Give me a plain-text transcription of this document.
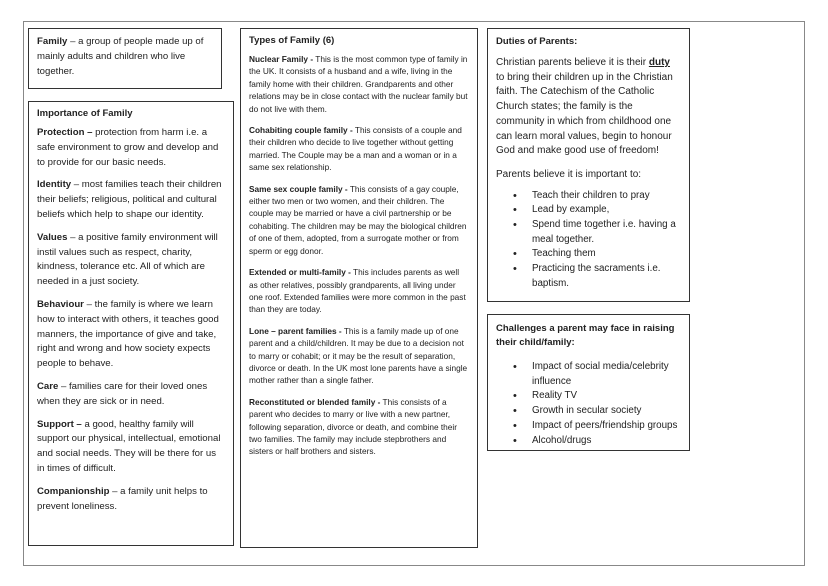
Family – a group of people made up of mainly adults and children who live together.

Importance of Family

Protection – protection from harm i.e. a safe environment to grow and develop and to provide for our basic needs.

Identity – most families teach their children their beliefs; religious, political and cultural beliefs which help to shape our identity.

Values – a positive family environment will instil values such as respect, charity, kindness, tolerance etc. All of which are needed in a just society.

Behaviour – the family is where we learn how to interact with others, it teaches good manners, the importance of give and take, right and wrong and how society expects people to behave.

Care – families care for their loved ones when they are sick or in need.

Support – a good, healthy family will support our physical, intellectual, emotional and social needs. They will be there for us in times of difficult.

Companionship – a family unit helps to prevent loneliness.

Types of Family (6)

Nuclear Family - This is the most common type of family in the UK. It consists of a husband and a wife, living in the family home with their children. Grandparents and other relations may be in close contact with the nuclear family but do not live with them.

Cohabiting couple family - This consists of a couple and their children who decide to live together without getting married. The Couple may be a man and a woman or in a same sex relationship.

Same sex couple family - This consists of a gay couple, either two men or two women, and their children. The couple may be married or have a civil partnership or be cohabiting. The children may be may the biological children of one of them, adopted, from a surrogate mother or from sperm or egg donor.

Extended or multi-family - This includes parents as well as other relatives, possibly grandparents, all living under one roof. Extended families were more common in the past than they are today.

Lone – parent families - This is a family made up of one parent and a child/children. It may be due to a decision not to marry or cohabit; or it may be the result of separation, divorce or death. In the UK most lone parents have a single mother rather than a single father.

Reconstituted or blended family - This consists of a parent who decides to marry or live with a new partner, following separation, divorce or death, and combine their two families. The family may include stepbrothers and sisters or half brothers and sisters.

Duties of Parents:

Christian parents believe it is their duty to bring their children up in the Christian faith. The Catechism of the Catholic Church states; the family is the community in which from childhood one can learn moral values, begin to honour God and make good use of freedom!

Parents believe it is important to:

• Teach their children to pray
• Lead by example,
• Spend time together i.e. having a meal together.
• Teaching them
• Practicing the sacraments i.e. baptism.
Challenges a parent may face in raising their child/family:
• Impact of social media/celebrity influence
• Reality TV
• Growth in secular society
• Impact of peers/friendship groups
• Alcohol/drugs
